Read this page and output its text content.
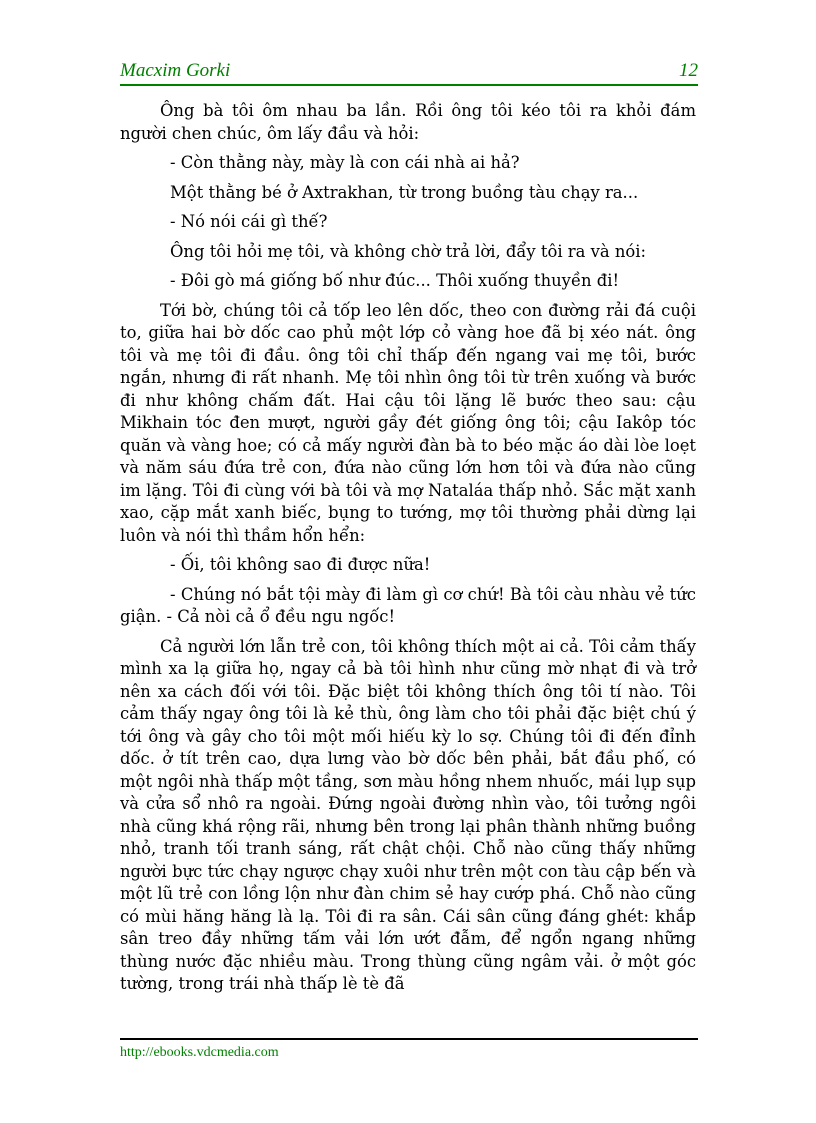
Macxim Gorki	12

Ông bà tôi ôm nhau ba lần. Rồi ông tôi kéo tôi ra khỏi đám người chen chúc, ôm lấy đầu và hỏi:

- Còn thằng này, mày là con cái nhà ai hả?

Một thằng bé ở Axtrakhan, từ trong buồng tàu chạy ra...

- Nó nói cái gì thế?

Ông tôi hỏi mẹ tôi, và không chờ trả lời, đẩy tôi ra và nói:

- Đôi gò má giống bố như đúc... Thôi xuống thuyền đi!

Tới bờ, chúng tôi cả tốp leo lên dốc, theo con đường rải đá cuội to, giữa hai bờ dốc cao phủ một lớp cỏ vàng hoe đã bị xéo nát. ông tôi và mẹ tôi đi đầu. ông tôi chỉ thấp đến ngang vai mẹ tôi, bước ngắn, nhưng đi rất nhanh. Mẹ tôi nhìn ông tôi từ trên xuống và bước đi như không chấm đất. Hai cậu tôi lặng lẽ bước theo sau: cậu Mikhain tóc đen mượt, người gầy đét giống ông tôi; cậu Iakôp tóc quăn và vàng hoe; có cả mấy người đàn bà to béo mặc áo dài lòe loẹt và năm sáu đứa trẻ con, đứa nào cũng lớn hơn tôi và đứa nào cũng im lặng. Tôi đi cùng với bà tôi và mợ Nataláa thấp nhỏ. Sắc mặt xanh xao, cặp mắt xanh biếc, bụng to tướng, mợ tôi thường phải dừng lại luôn và nói thì thầm hổn hển:

- Ối, tôi không sao đi được nữa!

- Chúng nó bắt tội mày đi làm gì cơ chứ! Bà tôi càu nhàu vẻ tức giận. - Cả nòi cả ổ đều ngu ngốc!

Cả người lớn lẫn trẻ con, tôi không thích một ai cả. Tôi cảm thấy mình xa lạ giữa họ, ngay cả bà tôi hình như cũng mờ nhạt đi và trở nên xa cách đối với tôi. Đặc biệt tôi không thích ông tôi tí nào. Tôi cảm thấy ngay ông tôi là kẻ thù, ông làm cho tôi phải đặc biệt chú ý tới ông và gây cho tôi một mối hiếu kỳ lo sợ. Chúng tôi đi đến đỉnh dốc. ở tít trên cao, dựa lưng vào bờ dốc bên phải, bắt đầu phố, có một ngôi nhà thấp một tầng, sơn màu hồng nhem nhuốc, mái lụp sụp và cửa sổ nhô ra ngoài. Đứng ngoài đường nhìn vào, tôi tưởng ngôi nhà cũng khá rộng rãi, nhưng bên trong lại phân thành những buồng nhỏ, tranh tối tranh sáng, rất chật chội. Chỗ nào cũng thấy những người bực tức chạy ngược chạy xuôi như trên một con tàu cập bến và một lũ trẻ con lồng lộn như đàn chim sẻ hay cướp phá. Chỗ nào cũng có mùi hăng hăng là lạ. Tôi đi ra sân. Cái sân cũng đáng ghét: khắp sân treo đầy những tấm vải lớn ướt đẫm, để ngổn ngang những thùng nước đặc nhiều màu. Trong thùng cũng ngâm vải. ở một góc tường, trong trái nhà thấp lè tè đã

http://ebooks.vdcmedia.com
